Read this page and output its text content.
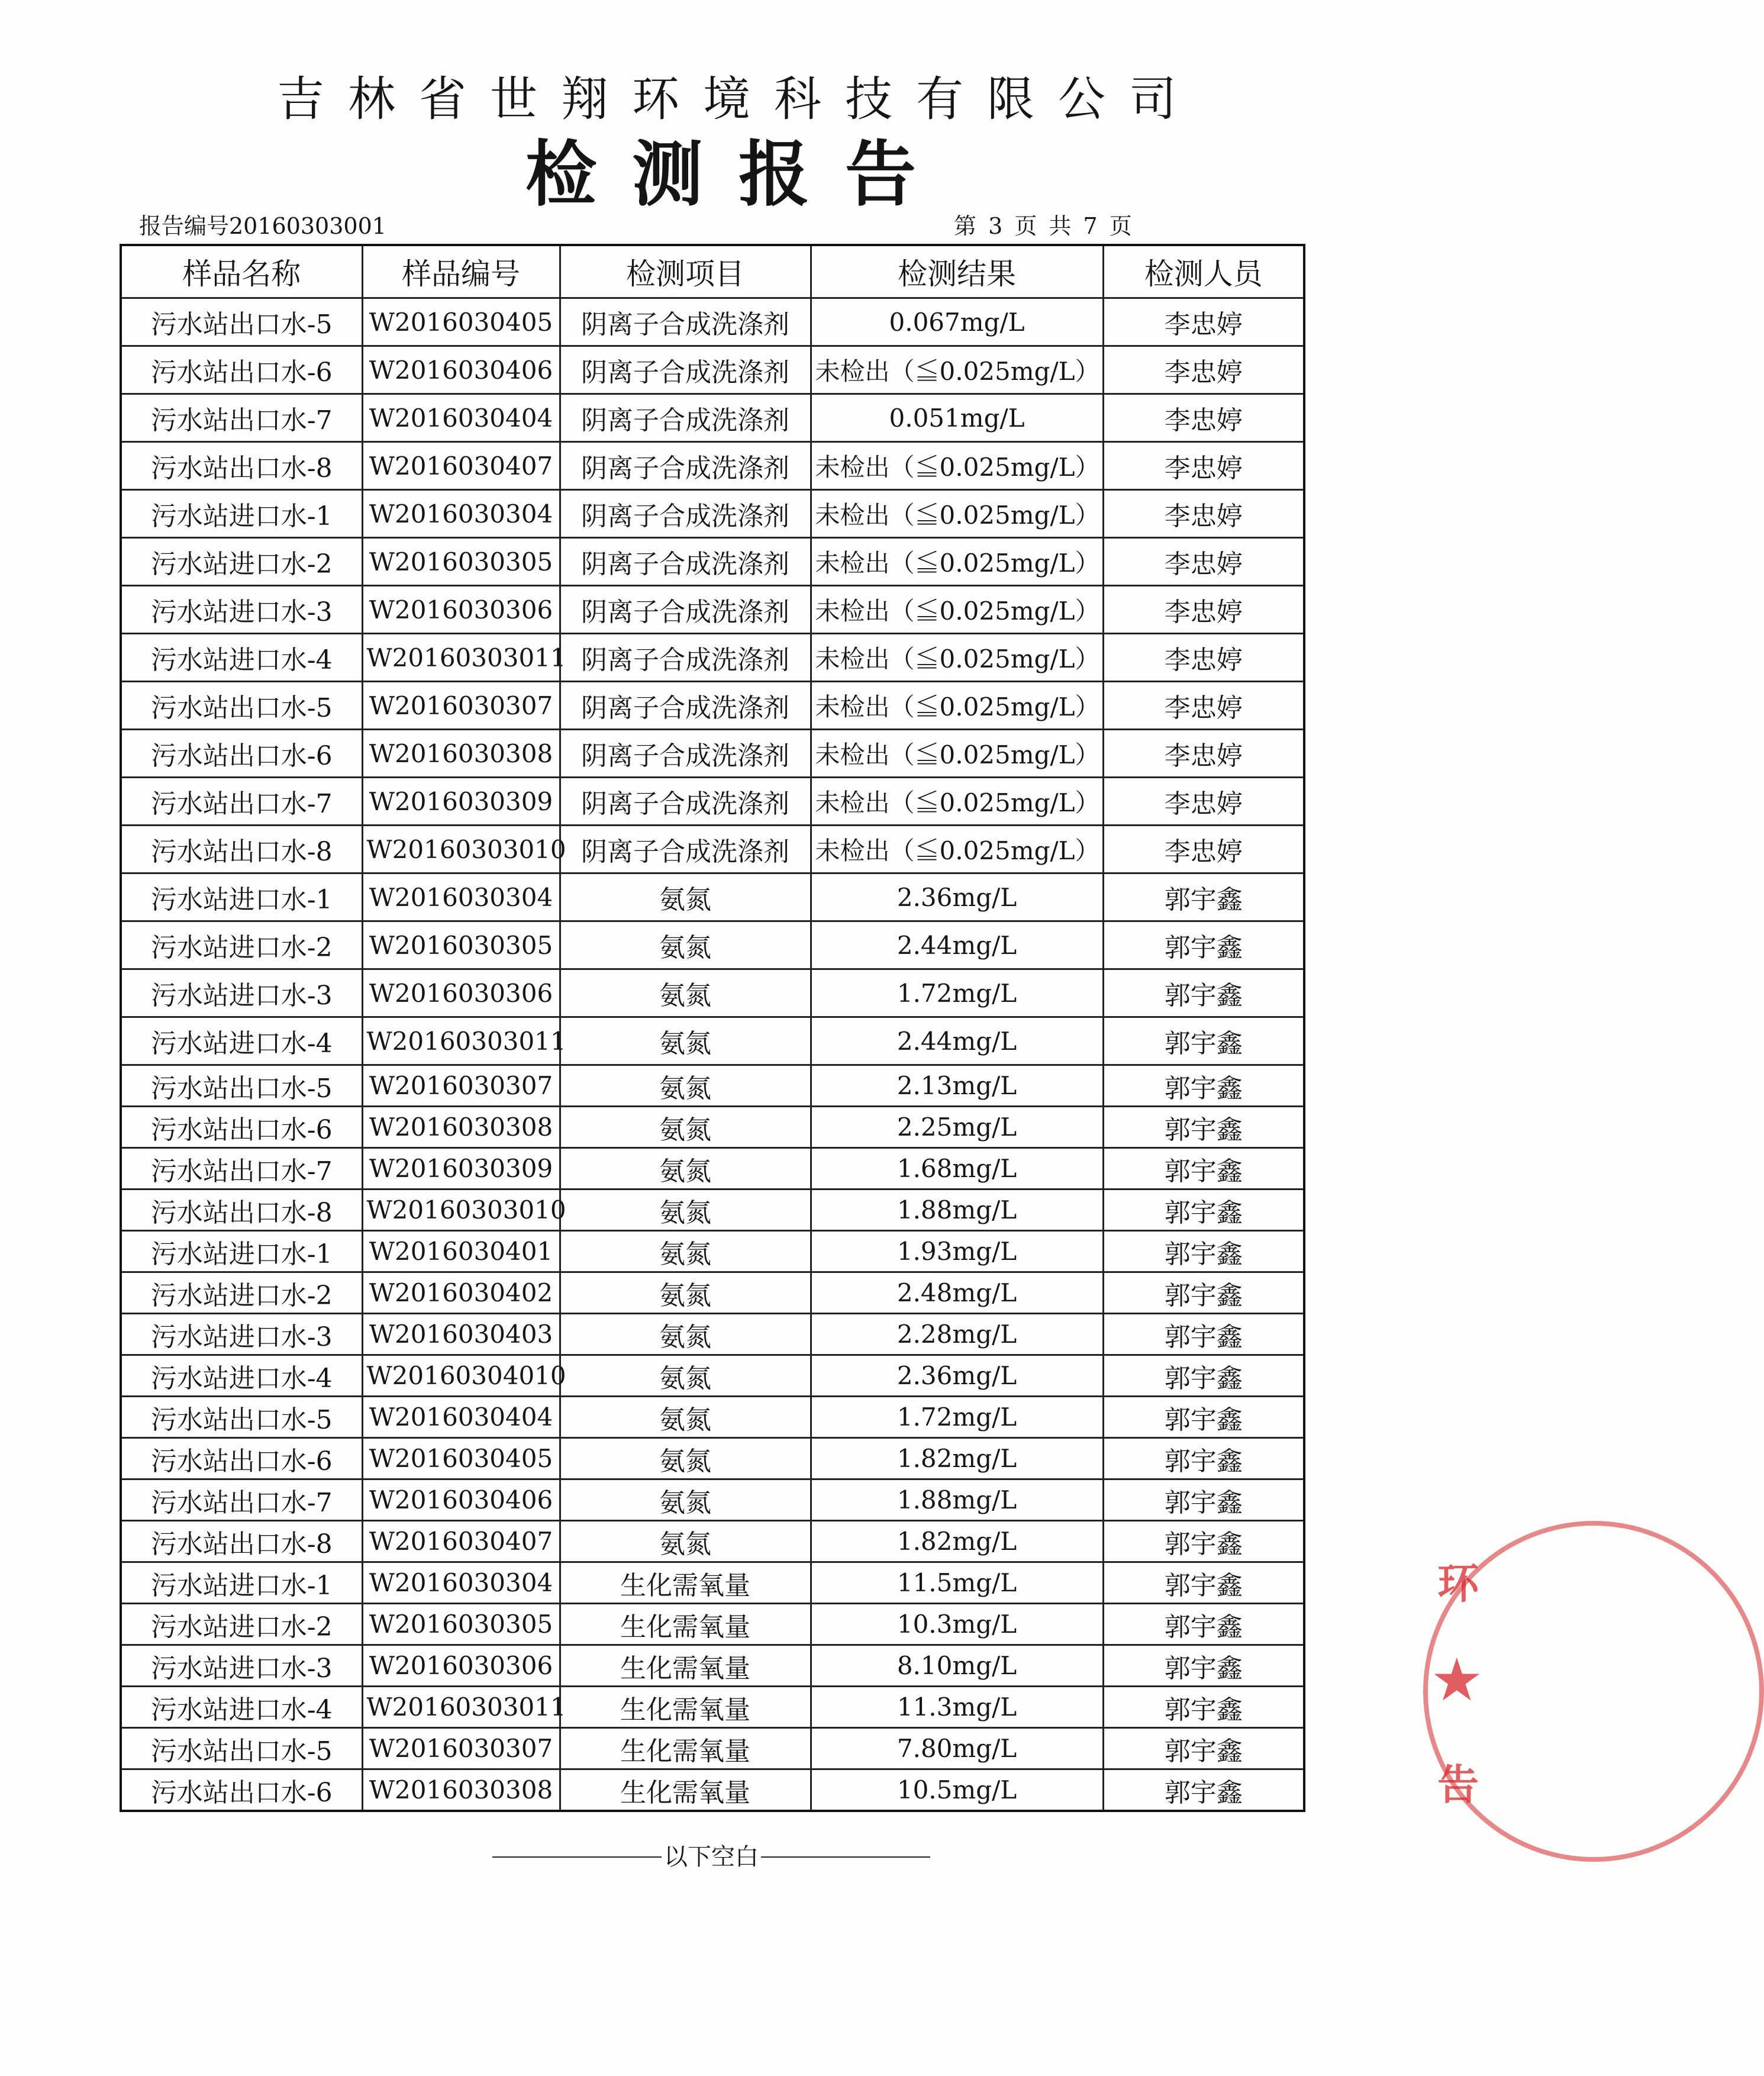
吉林省世翔环境科技有限公司
检测报告
报告编号20160303001	第 3 页 共 7 页
样品名称	样品编号	检测项目	检测结果	检测人员
污水站出口水-5	W2016030405	阴离子合成洗涤剂	0.067mg/L	李忠婷
污水站出口水-6	W2016030406	阴离子合成洗涤剂	未检出（≦0.025mg/L）	李忠婷
污水站出口水-7	W2016030404	阴离子合成洗涤剂	0.051mg/L	李忠婷
污水站出口水-8	W2016030407	阴离子合成洗涤剂	未检出（≦0.025mg/L）	李忠婷
污水站进口水-1	W2016030304	阴离子合成洗涤剂	未检出（≦0.025mg/L）	李忠婷
污水站进口水-2	W2016030305	阴离子合成洗涤剂	未检出（≦0.025mg/L）	李忠婷
污水站进口水-3	W2016030306	阴离子合成洗涤剂	未检出（≦0.025mg/L）	李忠婷
污水站进口水-4	W20160303011	阴离子合成洗涤剂	未检出（≦0.025mg/L）	李忠婷
污水站出口水-5	W2016030307	阴离子合成洗涤剂	未检出（≦0.025mg/L）	李忠婷
污水站出口水-6	W2016030308	阴离子合成洗涤剂	未检出（≦0.025mg/L）	李忠婷
污水站出口水-7	W2016030309	阴离子合成洗涤剂	未检出（≦0.025mg/L）	李忠婷
污水站出口水-8	W20160303010	阴离子合成洗涤剂	未检出（≦0.025mg/L）	李忠婷
污水站进口水-1	W2016030304	氨氮	2.36mg/L	郭宇鑫
污水站进口水-2	W2016030305	氨氮	2.44mg/L	郭宇鑫
污水站进口水-3	W2016030306	氨氮	1.72mg/L	郭宇鑫
污水站进口水-4	W20160303011	氨氮	2.44mg/L	郭宇鑫
污水站出口水-5	W2016030307	氨氮	2.13mg/L	郭宇鑫
污水站出口水-6	W2016030308	氨氮	2.25mg/L	郭宇鑫
污水站出口水-7	W2016030309	氨氮	1.68mg/L	郭宇鑫
污水站出口水-8	W20160303010	氨氮	1.88mg/L	郭宇鑫
污水站进口水-1	W2016030401	氨氮	1.93mg/L	郭宇鑫
污水站进口水-2	W2016030402	氨氮	2.48mg/L	郭宇鑫
污水站进口水-3	W2016030403	氨氮	2.28mg/L	郭宇鑫
污水站进口水-4	W20160304010	氨氮	2.36mg/L	郭宇鑫
污水站出口水-5	W2016030404	氨氮	1.72mg/L	郭宇鑫
污水站出口水-6	W2016030405	氨氮	1.82mg/L	郭宇鑫
污水站出口水-7	W2016030406	氨氮	1.88mg/L	郭宇鑫
污水站出口水-8	W2016030407	氨氮	1.82mg/L	郭宇鑫
污水站进口水-1	W2016030304	生化需氧量	11.5mg/L	郭宇鑫
污水站进口水-2	W2016030305	生化需氧量	10.3mg/L	郭宇鑫
污水站进口水-3	W2016030306	生化需氧量	8.10mg/L	郭宇鑫
污水站进口水-4	W20160303011	生化需氧量	11.3mg/L	郭宇鑫
污水站出口水-5	W2016030307	生化需氧量	7.80mg/L	郭宇鑫
污水站出口水-6	W2016030308	生化需氧量	10.5mg/L	郭宇鑫
以下空白
环
★
告
